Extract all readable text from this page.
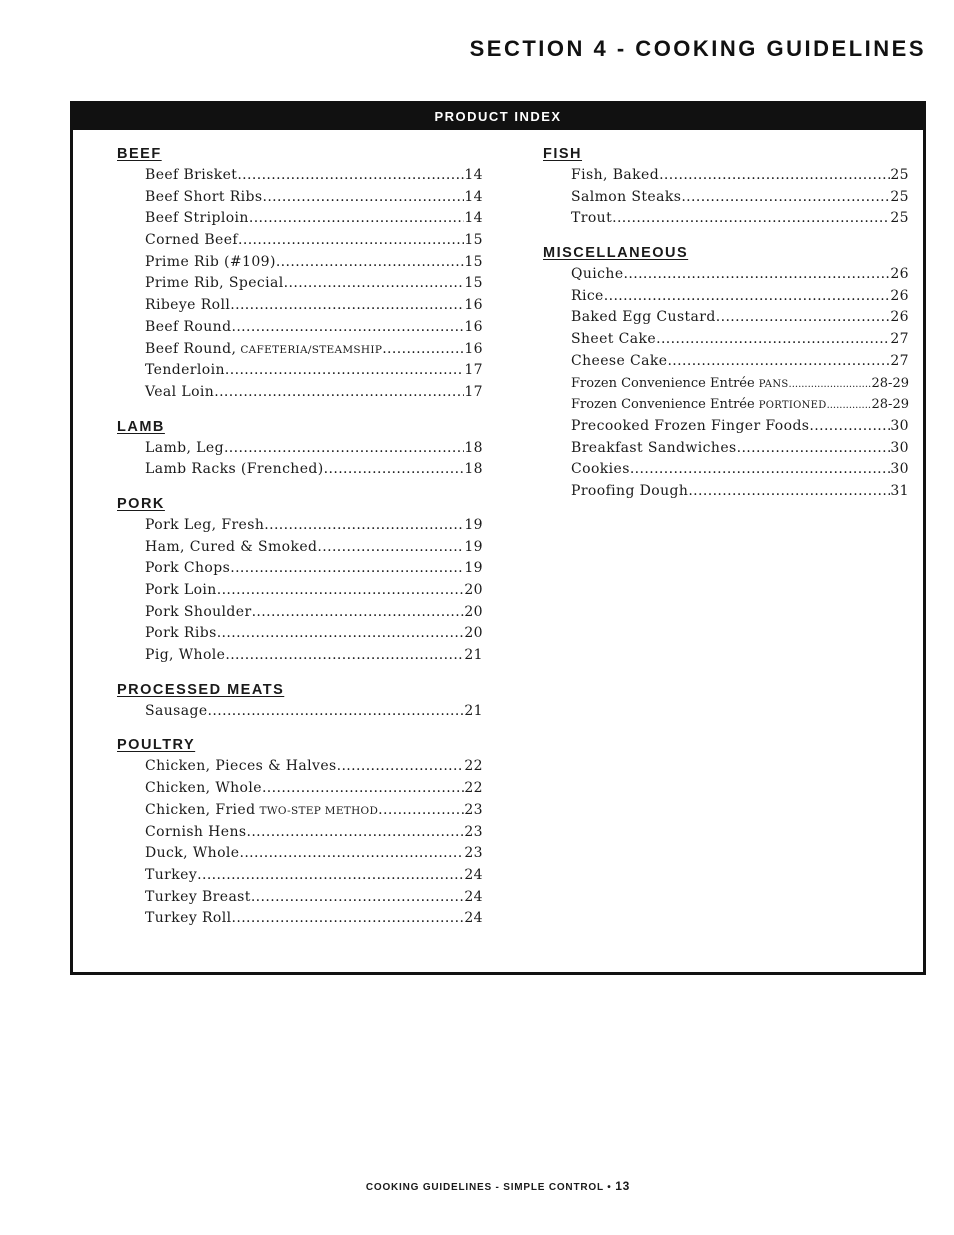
SECTION 4 - COOKING GUIDELINES
PRODUCT INDEX
BEEF
Beef Brisket .....	14
Beef Short Ribs .....	14
Beef Striploin .....	14
Corned Beef .....	15
Prime Rib (#109) .....	15
Prime Rib, Special .....	15
Ribeye Roll .....	16
Beef Round .....	16
Beef Round, CAFETERIA/STEAMSHIP .....	16
Tenderloin .....	17
Veal Loin .....	17
LAMB
Lamb, Leg .....	18
Lamb Racks (Frenched) .....	18
PORK
Pork Leg, Fresh .....	19
Ham, Cured & Smoked .....	19
Pork Chops .....	19
Pork Loin .....	20
Pork Shoulder .....	20
Pork Ribs .....	20
Pig, Whole .....	21
PROCESSED MEATS
Sausage .....	21
POULTRY
Chicken, Pieces & Halves .....	22
Chicken, Whole .....	22
Chicken, Fried TWO-STEP METHOD .....	23
Cornish Hens .....	23
Duck, Whole .....	23
Turkey .....	24
Turkey Breast .....	24
Turkey Roll .....	24
FISH
Fish, Baked .....	25
Salmon Steaks .....	25
Trout .....	25
MISCELLANEOUS
Quiche .....	26
Rice .....	26
Baked Egg Custard .....	26
Sheet Cake .....	27
Cheese Cake .....	27
Frozen Convenience Entrée PANS .....	28-29
Frozen Convenience Entrée PORTIONED .....	28-29
Precooked Frozen Finger Foods .....	30
Breakfast Sandwiches .....	30
Cookies .....	30
Proofing Dough .....	31
COOKING GUIDELINES - SIMPLE CONTROL • 13
